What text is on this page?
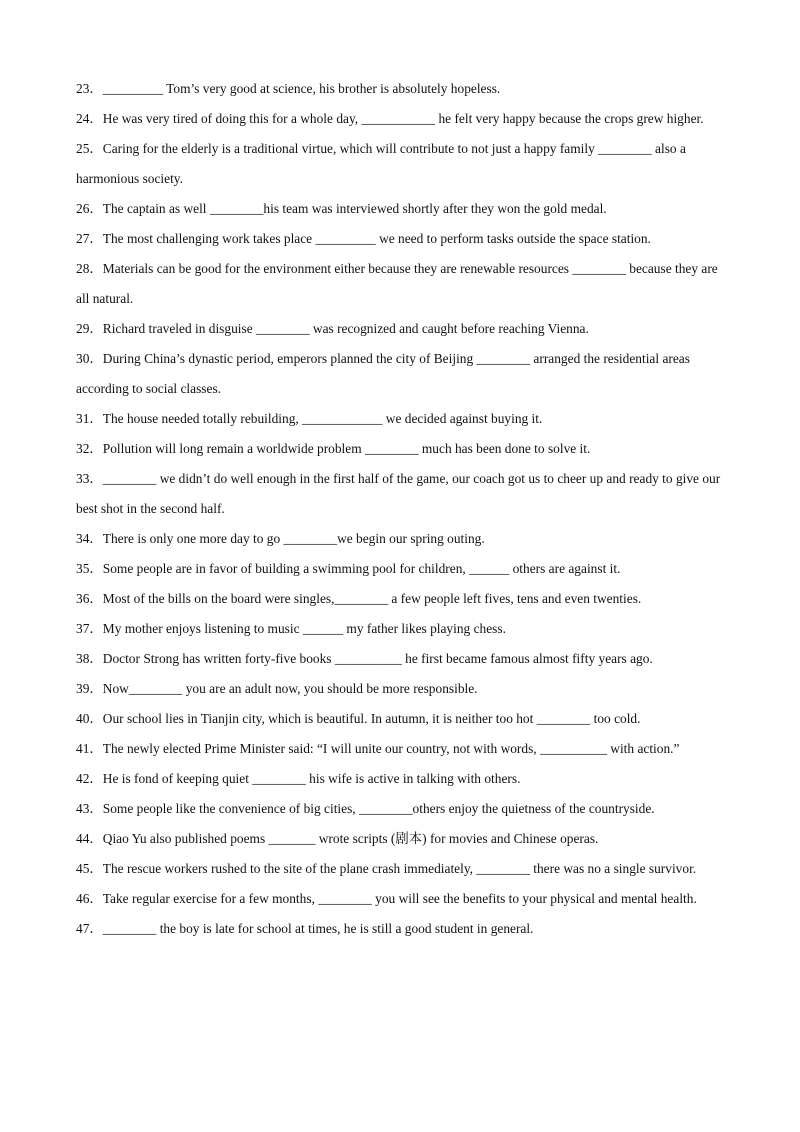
23．_________ Tom’s very good at science, his brother is absolutely hopeless.

24．He was very tired of doing this for a whole day, ___________ he felt very happy because the crops grew higher.

25．Caring for the elderly is a traditional virtue, which will contribute to not just a happy family ________ also a harmonious society.

26．The captain as well ________his team was interviewed shortly after they won the gold medal.

27．The most challenging work takes place _________ we need to perform tasks outside the space station.

28．Materials can be good for the environment either because they are renewable resources ________ because they are all natural.

29．Richard traveled in disguise ________ was recognized and caught before reaching Vienna.

30．During China’s dynastic period, emperors planned the city of Beijing ________ arranged the residential areas according to social classes.

31．The house needed totally rebuilding, ____________ we decided against buying it.

32．Pollution will long remain a worldwide problem ________ much has been done to solve it.

33．________ we didn’t do well enough in the first half of the game, our coach got us to cheer up and ready to give our best shot in the second half.

34．There is only one more day to go ________we begin our spring outing.

35．Some people are in favor of building a swimming pool for children, ______ others are against it.

36．Most of the bills on the board were singles,________ a few people left fives, tens and even twenties.

37．My mother enjoys listening to music ______ my father likes playing chess.

38．Doctor Strong has written forty-five books __________ he first became famous almost fifty years ago.

39．Now________ you are an adult now, you should be more responsible.

40．Our school lies in Tianjin city, which is beautiful. In autumn, it is neither too hot ________ too cold.

41．The newly elected Prime Minister said: “I will unite our country, not with words, __________ with action.”

42．He is fond of keeping quiet ________ his wife is active in talking with others.

43．Some people like the convenience of big cities, ________others enjoy the quietness of the countryside.

44．Qiao Yu also published poems _______ wrote scripts (剧本) for movies and Chinese operas.

45．The rescue workers rushed to the site of the plane crash immediately, ________ there was no a single survivor.

46．Take regular exercise for a few months, ________ you will see the benefits to your physical and mental health.

47．________ the boy is late for school at times, he is still a good student in general.
